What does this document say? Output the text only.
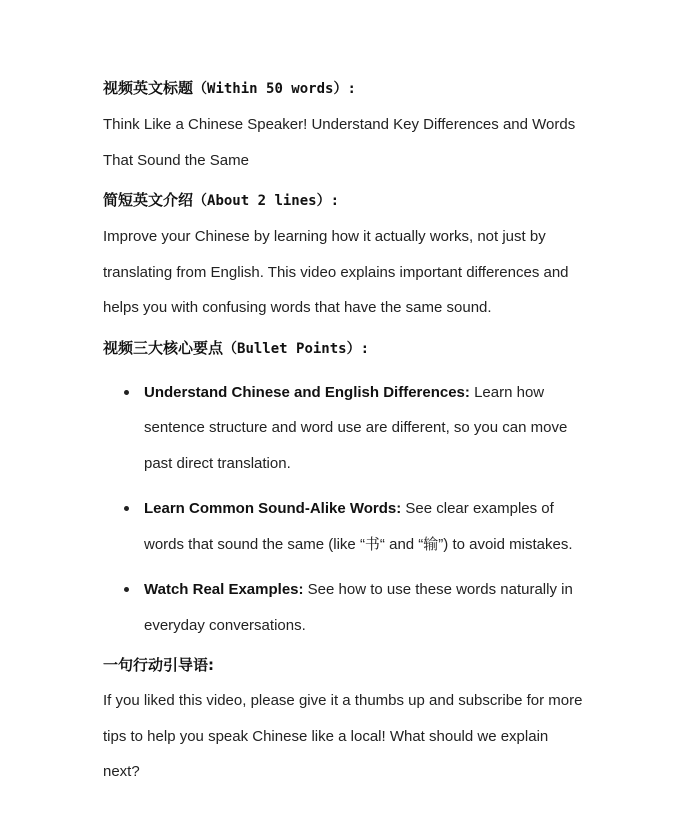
视频英文标题（Within 50 words）:

Think Like a Chinese Speaker! Understand Key Differences and Words That Sound the Same

简短英文介绍（About 2 lines）:

Improve your Chinese by learning how it actually works, not just by translating from English. This video explains important differences and helps you with confusing words that have the same sound.

视频三大核心要点（Bullet Points）:

Understand Chinese and English Differences: Learn how sentence structure and word use are different, so you can move past direct translation.
Learn Common Sound-Alike Words: See clear examples of words that sound the same (like “书“ and “输”) to avoid mistakes.
Watch Real Examples: See how to use these words naturally in everyday conversations.

一句行动引导语:

If you liked this video, please give it a thumbs up and subscribe for more tips to help you speak Chinese like a local! What should we explain next?
